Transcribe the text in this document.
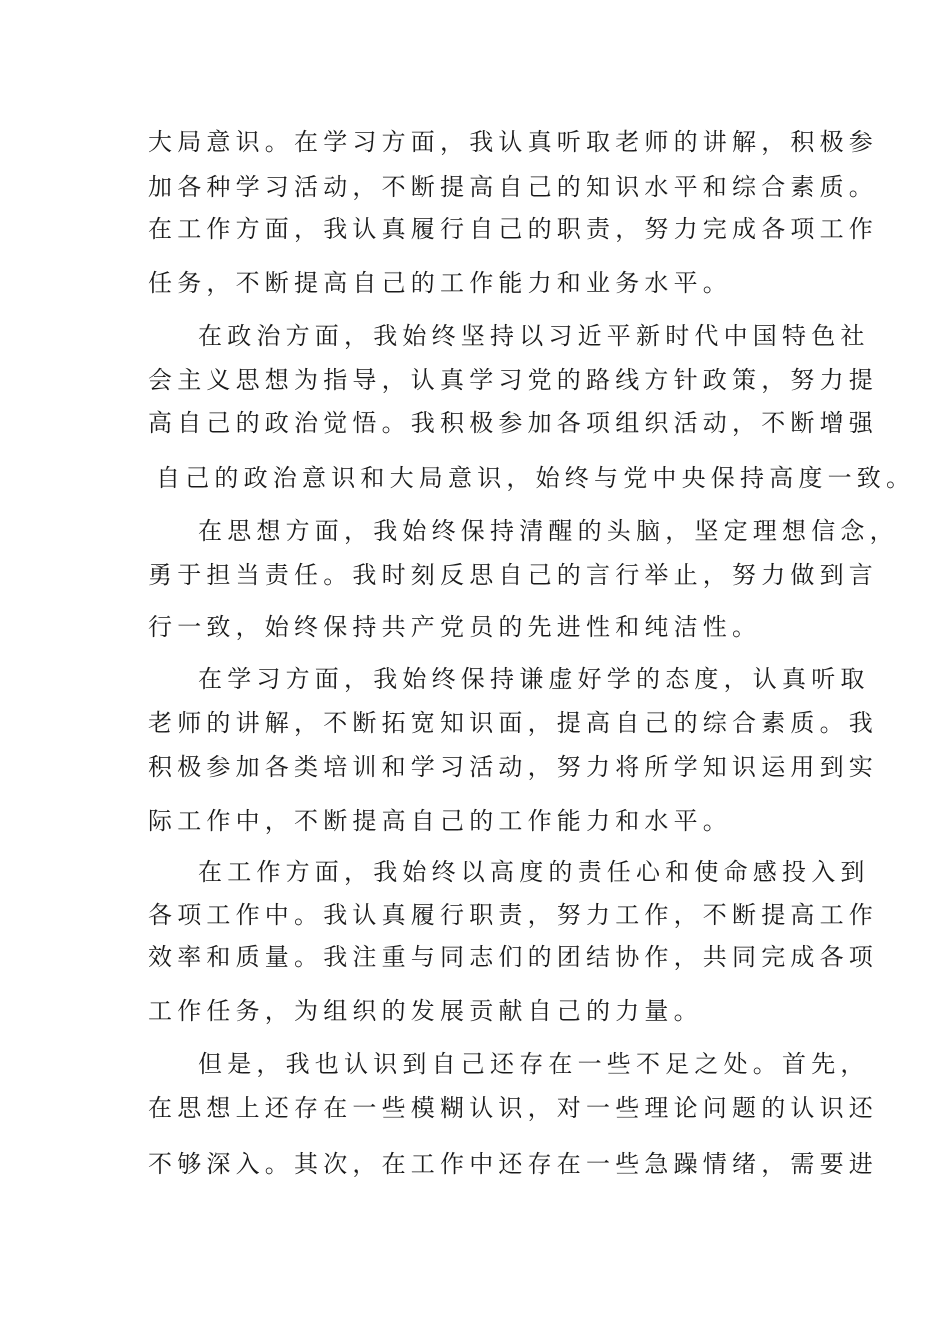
大局意识。在学习方面，我认真听取老师的讲解，积极参
加各种学习活动，不断提高自己的知识水平和综合素质。
在工作方面，我认真履行自己的职责，努力完成各项工作
任务，不断提高自己的工作能力和业务水平。
在政治方面，我始终坚持以习近平新时代中国特色社
会主义思想为指导，认真学习党的路线方针政策，努力提
高自己的政治觉悟。我积极参加各项组织活动，不断增强
自己的政治意识和大局意识，始终与党中央保持高度一致。
在思想方面，我始终保持清醒的头脑，坚定理想信念，
勇于担当责任。我时刻反思自己的言行举止，努力做到言
行一致，始终保持共产党员的先进性和纯洁性。
在学习方面，我始终保持谦虚好学的态度，认真听取
老师的讲解，不断拓宽知识面，提高自己的综合素质。我
积极参加各类培训和学习活动，努力将所学知识运用到实
际工作中，不断提高自己的工作能力和水平。
在工作方面，我始终以高度的责任心和使命感投入到
各项工作中。我认真履行职责，努力工作，不断提高工作
效率和质量。我注重与同志们的团结协作，共同完成各项
工作任务，为组织的发展贡献自己的力量。
但是，我也认识到自己还存在一些不足之处。首先，
在思想上还存在一些模糊认识，对一些理论问题的认识还
不够深入。其次，在工作中还存在一些急躁情绪，需要进
